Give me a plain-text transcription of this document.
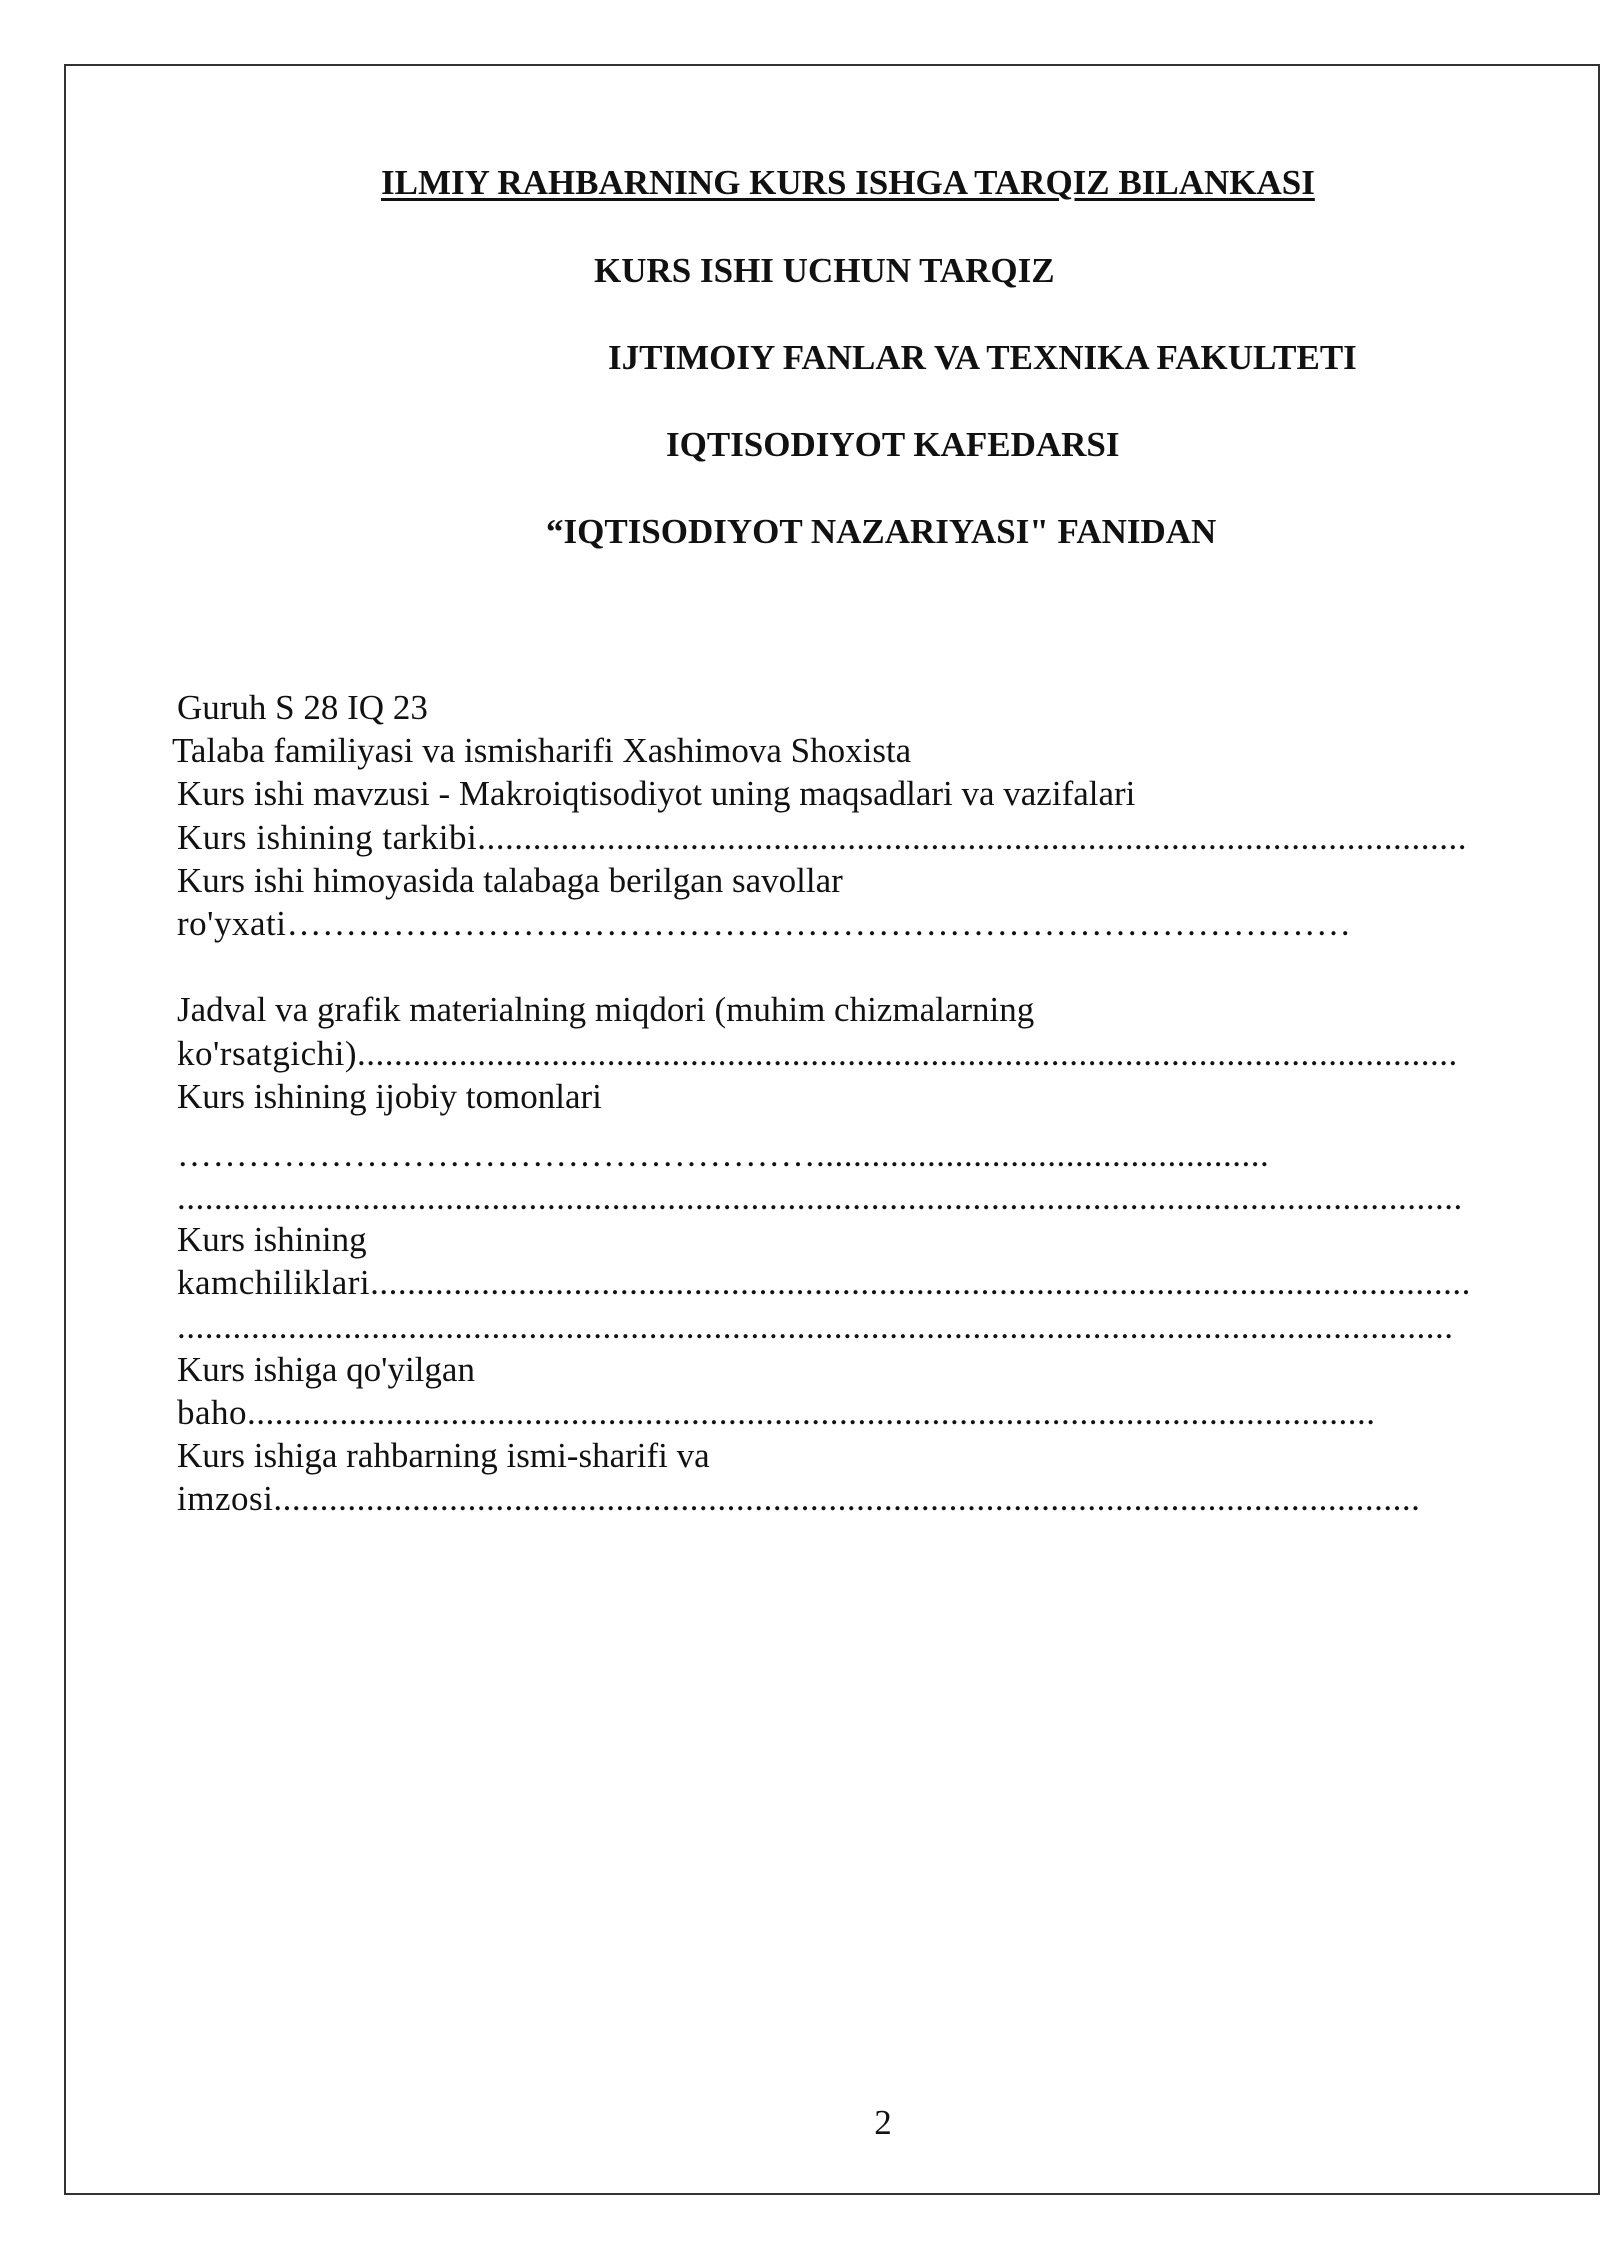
ILMIY RAHBARNING KURS ISHGA TARQIZ BILANKASI
KURS ISHI UCHUN TARQIZ
IJTIMOIY FANLAR VA TEXNIKA FAKULTETI
IQTISODIYOT KAFEDARSI
“IQTISODIYOT NAZARIYASI" FANIDAN
Guruh S 28 IQ 23
Talaba familiyasi va ismisharifi Xashimova Shoxista
Kurs ishi mavzusi - Makroiqtisodiyot uning maqsadlari va vazifalari
Kurs ishining tarkibi...........................................................................................................
Kurs ishi himoyasida talabaga berilgan savollar
ro'yxati………………………………………………………………………………
Jadval va grafik materialning miqdori (muhim chizmalarning
ko'rsatgichi).......................................................................................................................
Kurs ishining ijobiy tomonlari
……………………………………………….................................................
...........................................................................................................................................
Kurs ishining
kamchiliklari.......................................................................................................................
..........................................................................................................................................
Kurs ishiga qo'yilgan
baho..........................................................................................................................
Kurs ishiga rahbarning ismi-sharifi va
imzosi............................................................................................................................
2
